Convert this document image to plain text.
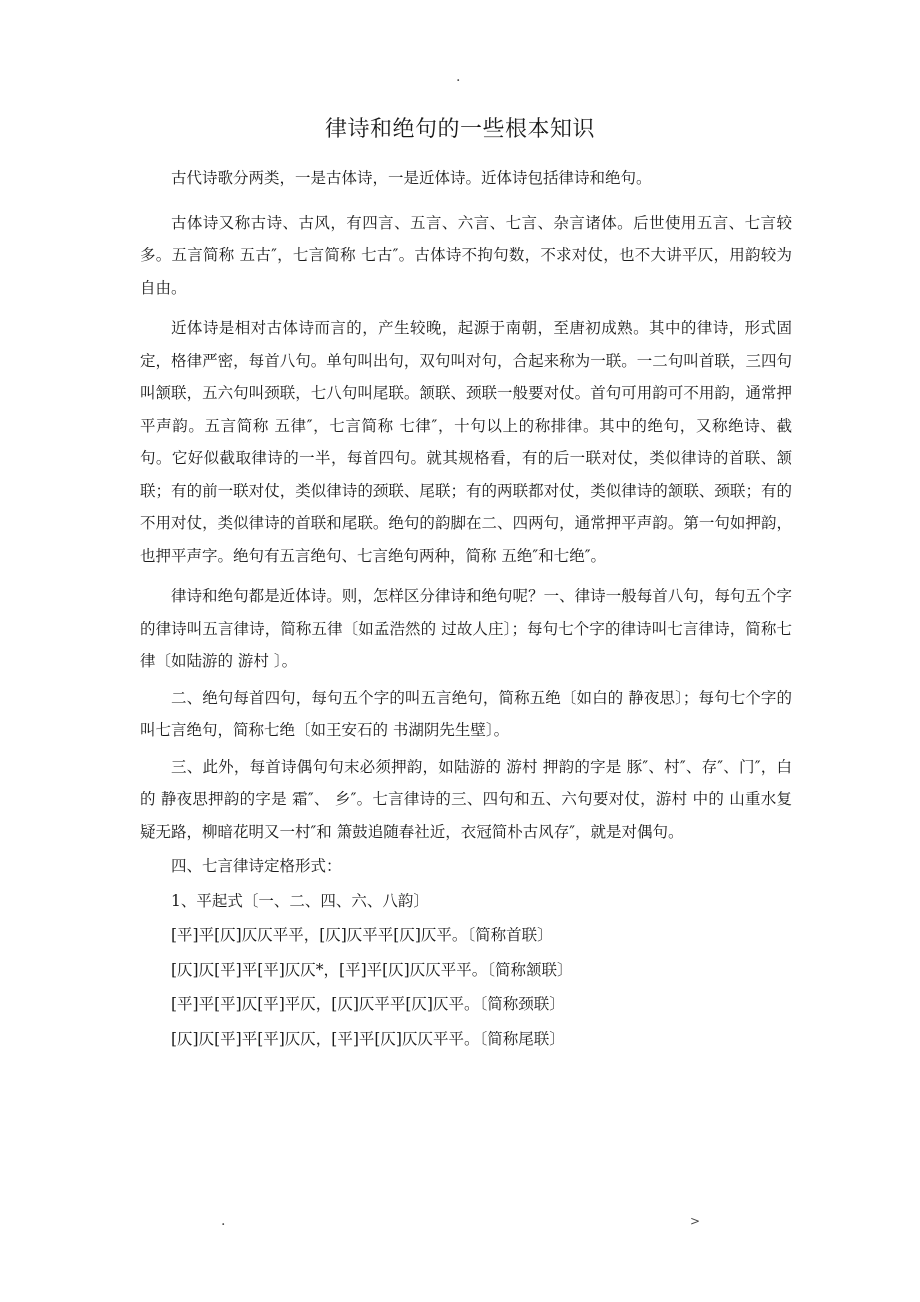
.
律诗和绝句的一些根本知识

古代诗歌分两类，一是古体诗，一是近体诗。近体诗包括律诗和绝句。

古体诗又称古诗、古风，有四言、五言、六言、七言、杂言诸体。后世使用五言、七言较多。五言简称 五古″，七言简称 七古″。古体诗不拘句数，不求对仗，也不大讲平仄，用韵较为自由。

近体诗是相对古体诗而言的，产生较晚，起源于南朝，至唐初成熟。其中的律诗，形式固定，格律严密，每首八句。单句叫出句，双句叫对句，合起来称为一联。一二句叫首联，三四句叫颔联，五六句叫颈联，七八句叫尾联。颔联、颈联一般要对仗。首句可用韵可不用韵，通常押平声韵。五言简称 五律″，七言简称 七律″，十句以上的称排律。其中的绝句，又称绝诗、截句。它好似截取律诗的一半，每首四句。就其规格看，有的后一联对仗，类似律诗的首联、颔联；有的前一联对仗，类似律诗的颈联、尾联；有的两联都对仗，类似律诗的颔联、颈联；有的不用对仗，类似律诗的首联和尾联。绝句的韵脚在二、四两句，通常押平声韵。第一句如押韵，也押平声字。绝句有五言绝句、七言绝句两种，简称 五绝″和七绝″。

律诗和绝句都是近体诗。则，怎样区分律诗和绝句呢？一、律诗一般每首八句，每句五个字的律诗叫五言律诗，简称五律〔如孟浩然的 过故人庄〕；每句七个字的律诗叫七言律诗，简称七律〔如陆游的 游村 〕。

二、绝句每首四句，每句五个字的叫五言绝句，简称五绝〔如白的 静夜思〕；每句七个字的叫七言绝句，简称七绝〔如王安石的 书湖阴先生壁〕。

三、此外，每首诗偶句句末必须押韵，如陆游的 游村 押韵的字是 豚″、村″、存″、门″，白的 静夜思押韵的字是 霜″、 乡″。七言律诗的三、四句和五、六句要对仗，游村 中的 山重水复疑无路，柳暗花明又一村″和 箫鼓追随春社近，衣冠简朴古风存″，就是对偶句。

四、七言律诗定格形式：

1、平起式〔一、二、四、六、八韵〕

[平]平[仄]仄仄平平，[仄]仄平平[仄]仄平。〔简称首联〕

[仄]仄[平]平[平]仄仄*，[平]平[仄]仄仄平平。〔简称颔联〕

[平]平[平]仄[平]平仄，[仄]仄平平[仄]仄平。〔简称颈联〕

[仄]仄[平]平[平]仄仄，[平]平[仄]仄仄平平。〔简称尾联〕

.	>
